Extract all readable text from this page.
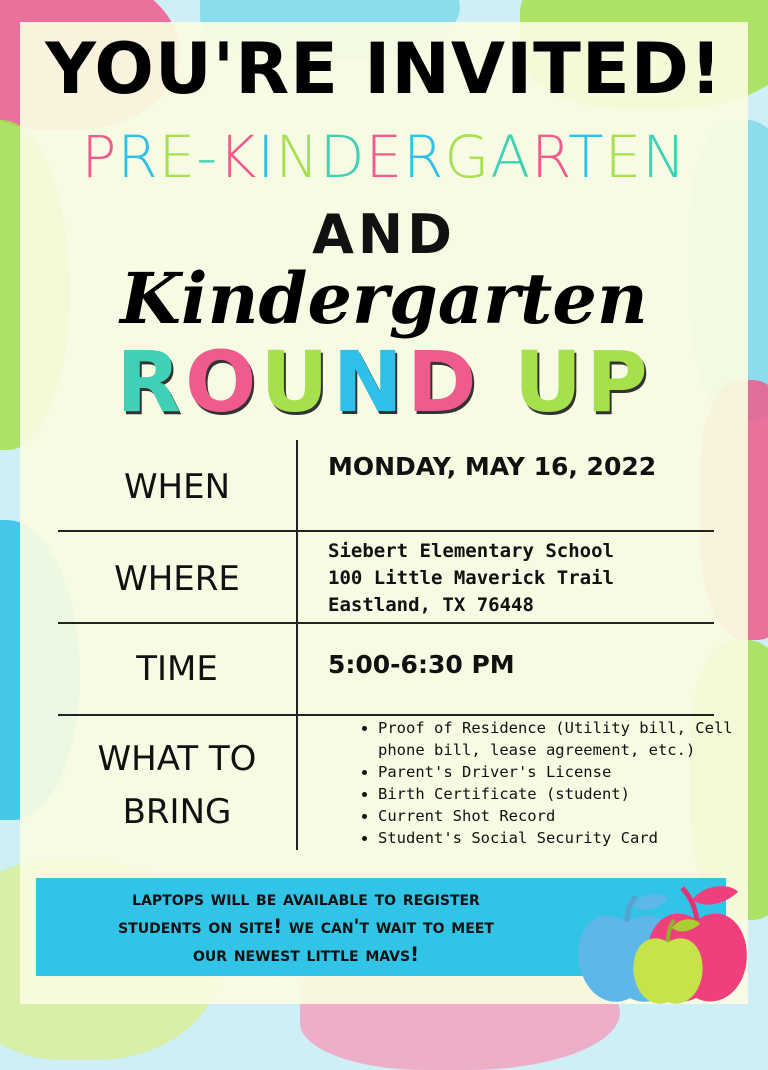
YOU'RE INVITED!
PRE-KINDERGARTEN
AND
Kindergarten
ROUND UP
WHEN
MONDAY, MAY 16, 2022
WHERE
Siebert Elementary School
100 Little Maverick Trail
Eastland, TX 76448
TIME	5:00-6:30 PM
WHAT TO
BRING
• Proof of Residence (Utility bill, Cell phone bill, lease agreement, etc.)
• Parent's Driver's License
• Birth Certificate (student)
• Current Shot Record
• Student's Social Security Card
laptops will be available to register
students on site! we can't wait to meet
our newest little mavs!
